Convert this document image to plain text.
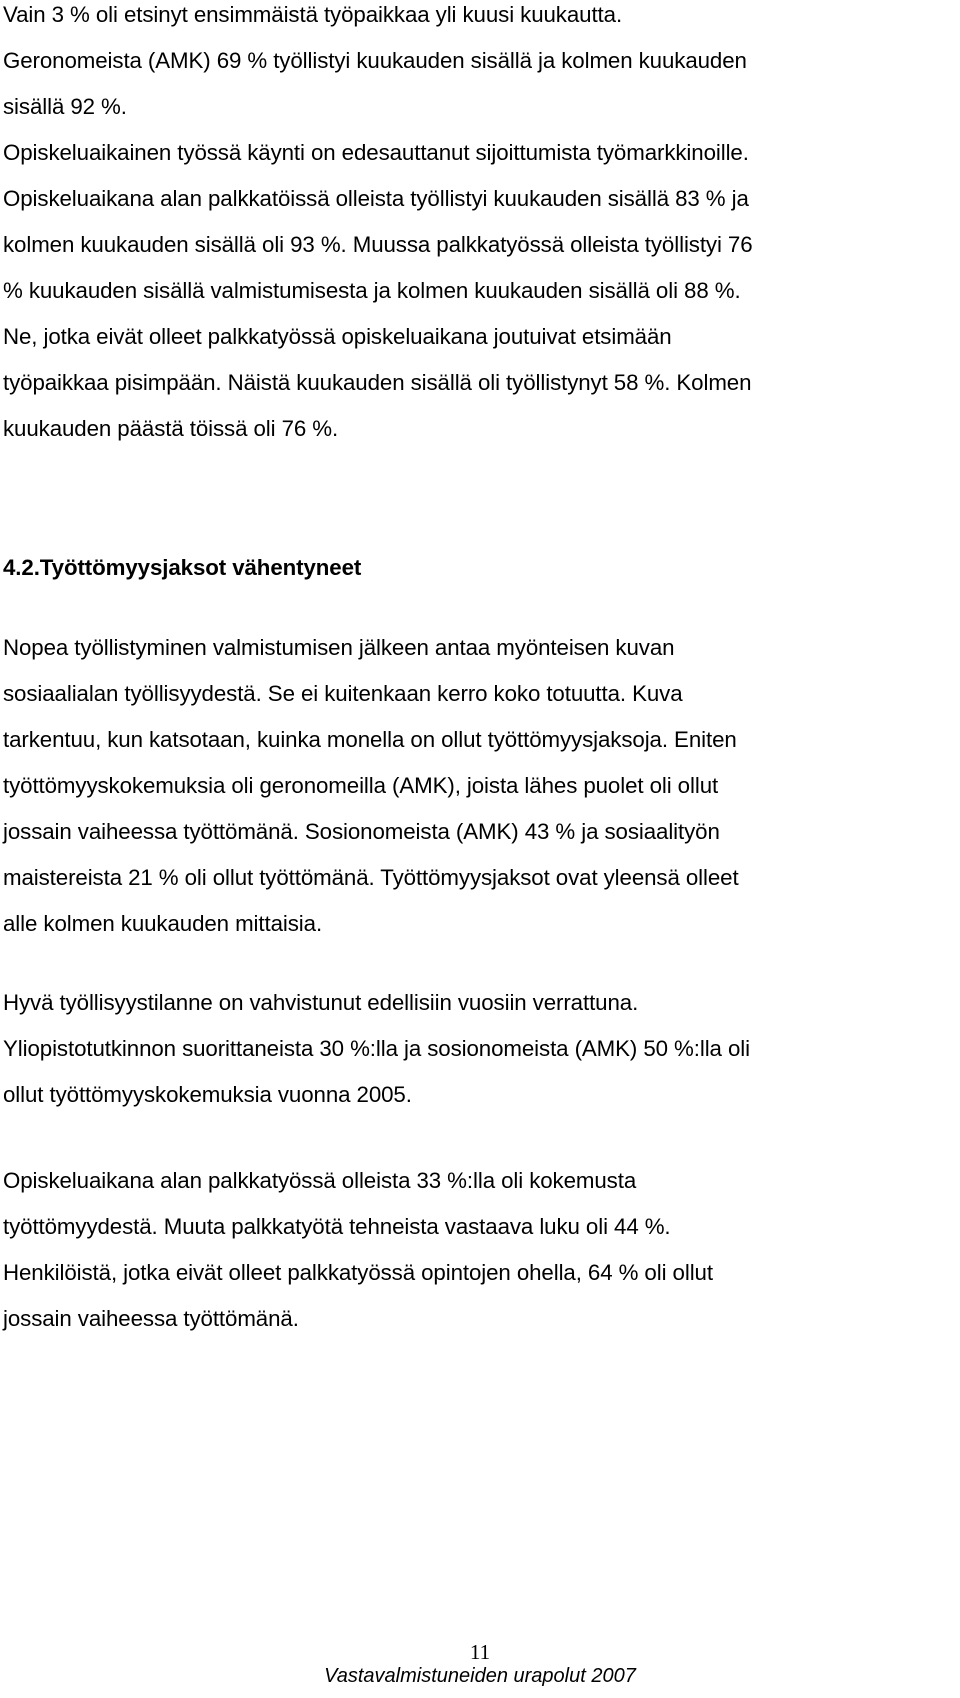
Vain 3 % oli etsinyt ensimmäistä työpaikkaa yli kuusi kuukautta.
Geronomeista (AMK) 69 % työllistyi kuukauden sisällä ja kolmen kuukauden
sisällä 92 %.
Opiskeluaikainen työssä käynti on edesauttanut sijoittumista työmarkkinoille.
Opiskeluaikana alan palkkatöissä olleista työllistyi kuukauden sisällä 83 % ja
kolmen kuukauden sisällä oli 93 %. Muussa palkkatyössä olleista työllistyi 76
% kuukauden sisällä valmistumisesta ja kolmen kuukauden sisällä oli 88 %.
Ne, jotka eivät olleet palkkatyössä opiskeluaikana joutuivat etsimään
työpaikkaa pisimpään. Näistä kuukauden sisällä oli työllistynyt 58 %. Kolmen
kuukauden päästä töissä oli 76 %.
4.2.Työttömyysjaksot vähentyneet
Nopea työllistyminen valmistumisen jälkeen antaa myönteisen kuvan
sosiaalialan työllisyydestä. Se ei kuitenkaan kerro koko totuutta. Kuva
tarkentuu, kun katsotaan, kuinka monella on ollut työttömyysjaksoja. Eniten
työttömyyskokemuksia oli geronomeilla (AMK), joista lähes puolet oli ollut
jossain vaiheessa työttömänä. Sosionomeista (AMK) 43 % ja sosiaalityön
maistereista 21 % oli ollut työttömänä. Työttömyysjaksot ovat yleensä olleet
alle kolmen kuukauden mittaisia.
Hyvä työllisyystilanne on vahvistunut edellisiin vuosiin verrattuna.
Yliopistotutkinnon suorittaneista 30 %:lla ja sosionomeista (AMK) 50 %:lla oli
ollut työttömyyskokemuksia vuonna 2005.
Opiskeluaikana alan palkkatyössä olleista 33 %:lla oli kokemusta
työttömyydestä. Muuta palkkatyötä tehneista vastaava luku oli 44 %.
Henkilöistä, jotka eivät olleet palkkatyössä opintojen ohella, 64 % oli ollut
jossain vaiheessa työttömänä.
11
Vastavalmistuneiden urapolut 2007
